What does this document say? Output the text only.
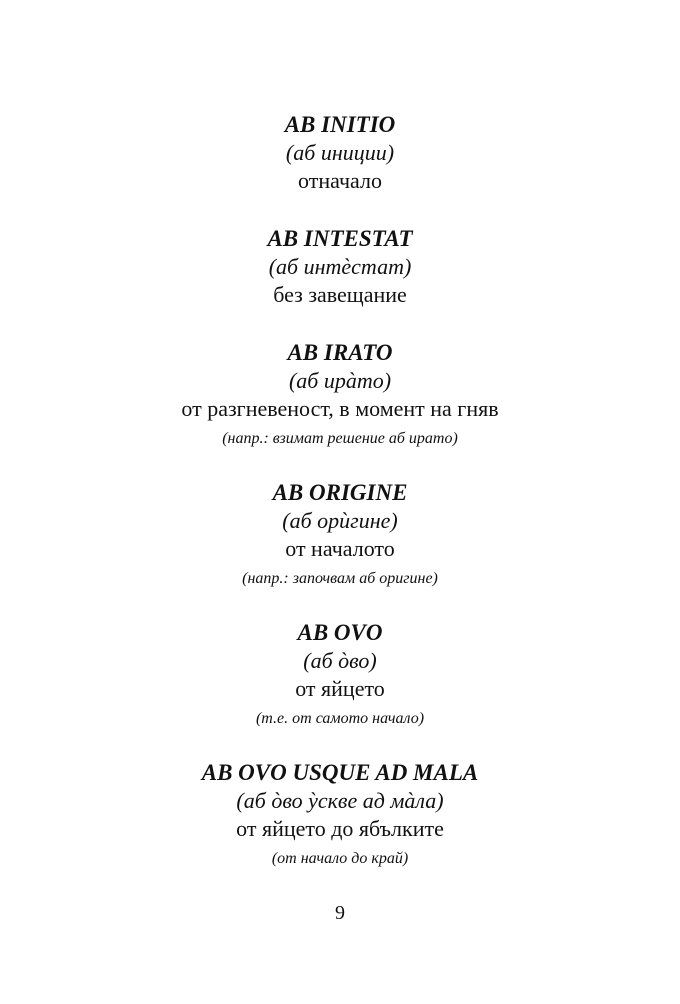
AB INITIO
(аб иниции)
отначало
AB INTESTAT
(аб интèстат)
без завещание
AB IRATO
(аб ирàто)
от разгневеност, в момент на гняв
(напр.: взимат решение аб ирато)
AB ORIGINE
(аб орѝгине)
от началото
(напр.: започвам аб оригине)
AB OVO
(аб òво)
от яйцето
(т.е. от самото начало)
AB OVO USQUE AD MALA
(аб òво ỳскве ад мàла)
от яйцето до ябълките
(от начало до край)
9
